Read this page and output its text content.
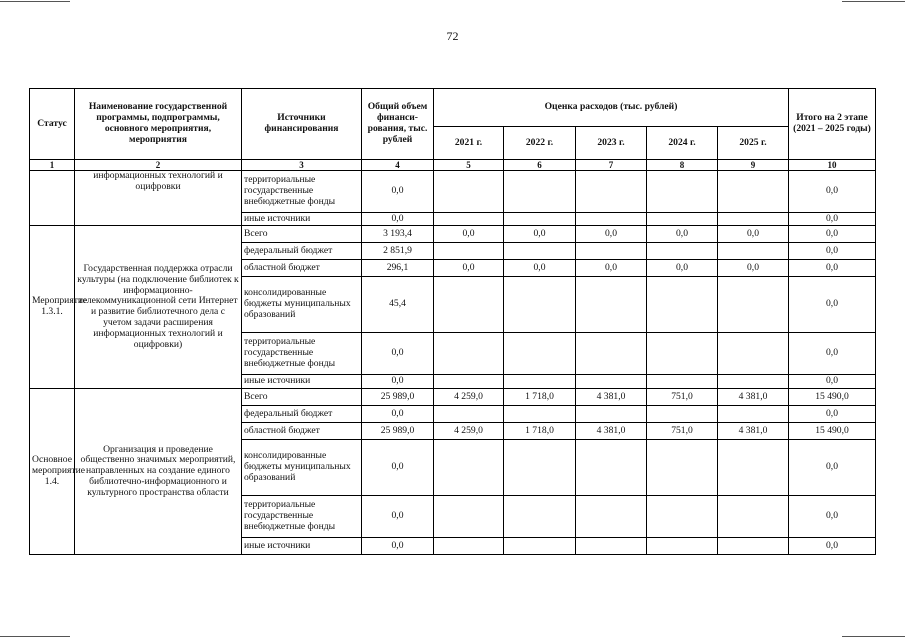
72
Статус	Наименование государственной программы, подпрограммы, основного мероприятия, мероприятия	Источники финансирования	Общий объем финанси-рования, тыс. рублей	Оценка расходов (тыс. рублей)					Итого на 2 этапе (2021 – 2025 годы)
				2021 г.	2022 г.	2023 г.	2024 г.	2025 г.	
1	2	3	4	5	6	7	8	9	10
	информационных технологий и оцифровки	территориальные государственные внебюджетные фонды	0,0						0,0
		иные источники	0,0						0,0
Мероприятие 1.3.1.	Государственная поддержка отрасли культуры (на подключение библиотек к информационно-телекоммуникационной сети Интернет и развитие библиотечного дела с учетом задачи расширения информационных технологий и оцифровки)	Всего	3 193,4	0,0	0,0	0,0	0,0	0,0	0,0
		федеральный бюджет	2 851,9						0,0
		областной бюджет	296,1	0,0	0,0	0,0	0,0	0,0	0,0
		консолидированные бюджеты муниципальных образований	45,4						0,0
		территориальные государственные внебюджетные фонды	0,0						0,0
		иные источники	0,0						0,0
Основное мероприятие 1.4.	Организация и проведение общественно значимых мероприятий, направленных на создание единого библиотечно-информационного и культурного пространства области	Всего	25 989,0	4 259,0	1 718,0	4 381,0	751,0	4 381,0	15 490,0
		федеральный бюджет	0,0						0,0
		областной бюджет	25 989,0	4 259,0	1 718,0	4 381,0	751,0	4 381,0	15 490,0
		консолидированные бюджеты муниципальных образований	0,0						0,0
		территориальные государственные внебюджетные фонды	0,0						0,0
		иные источники	0,0						0,0
